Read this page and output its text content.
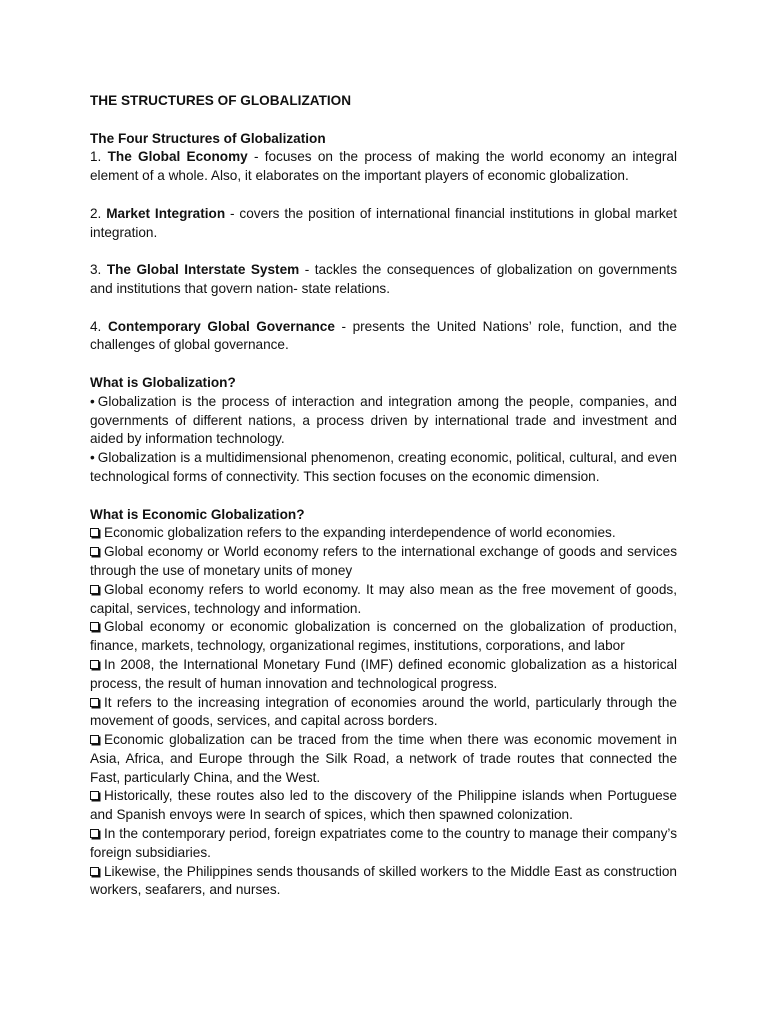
THE STRUCTURES OF GLOBALIZATION

The Four Structures of Globalization

1. The Global Economy - focuses on the process of making the world economy an integral element of a whole. Also, it elaborates on the important players of economic globalization.

2. Market Integration - covers the position of international financial institutions in global market integration.

3. The Global Interstate System - tackles the consequences of globalization on governments and institutions that govern nation- state relations.

4. Contemporary Global Governance - presents the United Nations’ role, function, and the challenges of global governance.

What is Globalization?

• Globalization is the process of interaction and integration among the people, companies, and governments of different nations, a process driven by international trade and investment and aided by information technology.

• Globalization is a multidimensional phenomenon, creating economic, political, cultural, and even technological forms of connectivity. This section focuses on the economic dimension.

What is Economic Globalization?

Economic globalization refers to the expanding interdependence of world economies.

Global economy or World economy refers to the international exchange of goods and services through the use of monetary units of money

Global economy refers to world economy. It may also mean as the free movement of goods, capital, services, technology and information.

Global economy or economic globalization is concerned on the globalization of production, finance, markets, technology, organizational regimes, institutions, corporations, and labor

In 2008, the International Monetary Fund (IMF) defined economic globalization as a historical process, the result of human innovation and technological progress.

It refers to the increasing integration of economies around the world, particularly through the movement of goods, services, and capital across borders.

Economic globalization can be traced from the time when there was economic movement in Asia, Africa, and Europe through the Silk Road, a network of trade routes that connected the Fast, particularly China, and the West.

Historically, these routes also led to the discovery of the Philippine islands when Portuguese and Spanish envoys were In search of spices, which then spawned colonization.

In the contemporary period, foreign expatriates come to the country to manage their company’s foreign subsidiaries.

Likewise, the Philippines sends thousands of skilled workers to the Middle East as construction workers, seafarers, and nurses.
